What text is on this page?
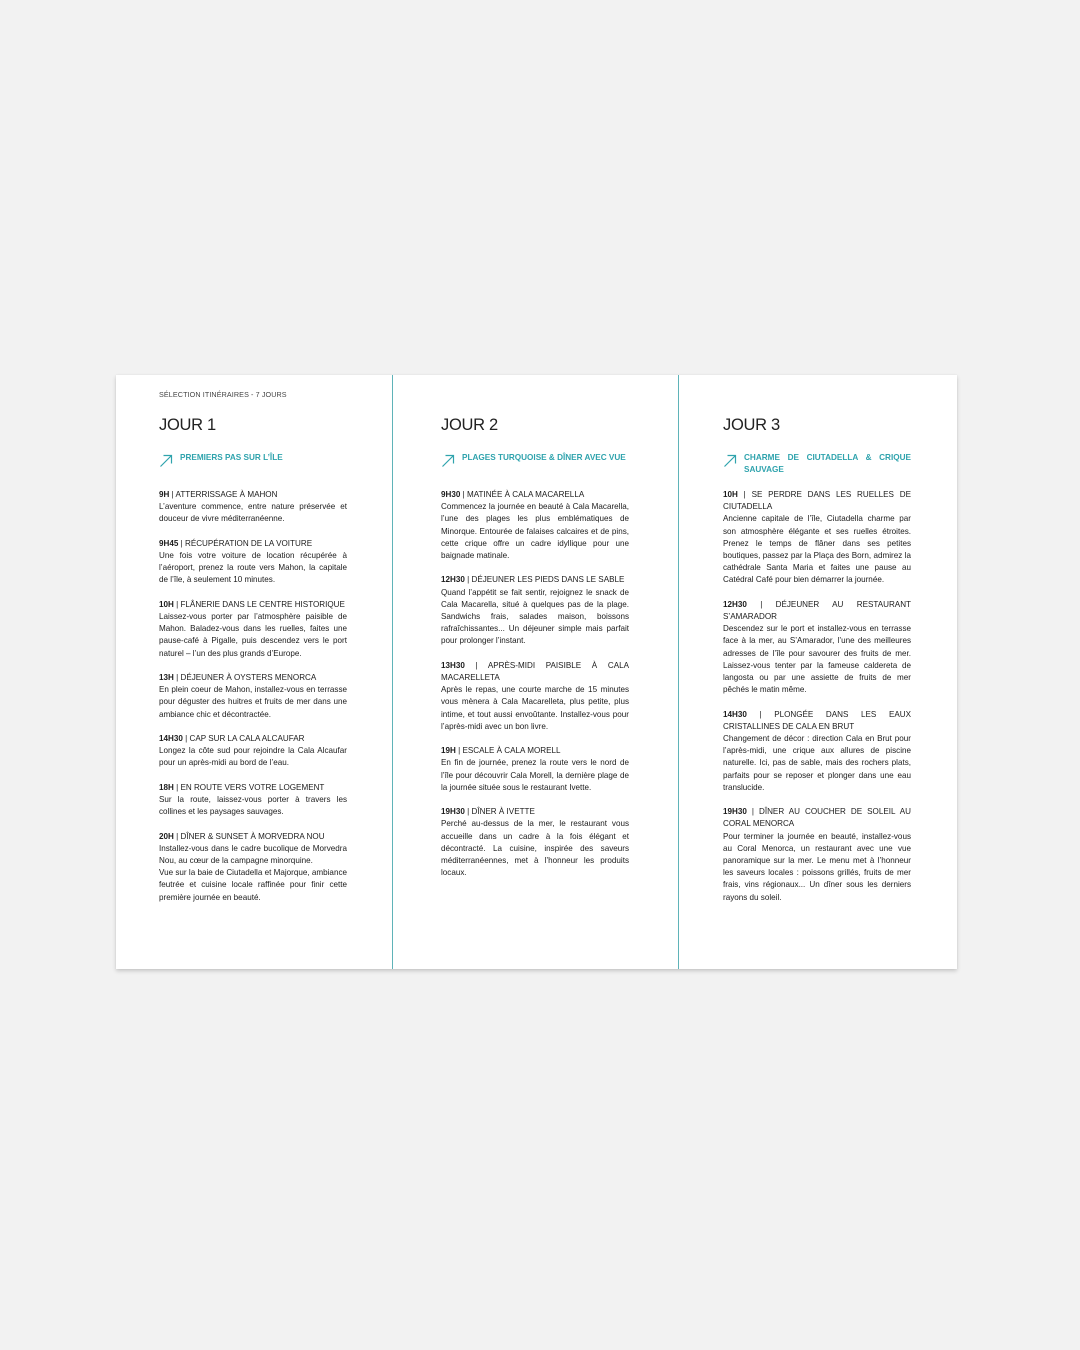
SÉLECTION ITINÉRAIRES - 7 JOURS
JOUR 1
PREMIERS PAS SUR L’ÎLE
9H | ATTERRISSAGE À MAHON
L’aventure commence, entre nature préservée et douceur de vivre méditerranéenne.
9H45 | RÉCUPÉRATION DE LA VOITURE
Une fois votre voiture de location récupérée à l’aéroport, prenez la route vers Mahon, la capitale de l’île, à seulement 10 minutes.
10H | FLÂNERIE DANS LE CENTRE HISTORIQUE
Laissez-vous porter par l’atmosphère paisible de Mahon. Baladez-vous dans les ruelles, faites une pause-café à Pigalle, puis descendez vers le port naturel – l’un des plus grands d’Europe.
13H | DÉJEUNER À OYSTERS MENORCA
En plein coeur de Mahon, installez-vous en terrasse pour déguster des huitres et fruits de mer dans une ambiance chic et décontractée.
14H30 | CAP SUR LA CALA ALCAUFAR
Longez la côte sud pour rejoindre la Cala Alcaufar pour un après-midi au bord de l’eau.
18H | EN ROUTE VERS VOTRE LOGEMENT
Sur la route, laissez-vous porter à travers les collines et les paysages sauvages.
20H | DÎNER & SUNSET À MORVEDRA NOU
Installez-vous dans le cadre bucolique de Morvedra Nou, au cœur de la campagne minorquine.
Vue sur la baie de Ciutadella et Majorque, ambiance feutrée et cuisine locale raffinée pour finir cette première journée en beauté.
JOUR 2
PLAGES TURQUOISE & DÎNER AVEC VUE
9H30 | MATINÉE À CALA MACARELLA
Commencez la journée en beauté à Cala Macarella, l’une des plages les plus emblématiques de Minorque. Entourée de falaises calcaires et de pins, cette crique offre un cadre idyllique pour une baignade matinale.
12H30 | DÉJEUNER LES PIEDS DANS LE SABLE
Quand l’appétit se fait sentir, rejoignez le snack de Cala Macarella, situé à quelques pas de la plage. Sandwichs frais, salades maison, boissons rafraîchissantes... Un déjeuner simple mais parfait pour prolonger l’instant.
13H30 | APRÈS-MIDI PAISIBLE À CALA MACARELLETA
Après le repas, une courte marche de 15 minutes vous mènera à Cala Macarelleta, plus petite, plus intime, et tout aussi envoûtante. Installez-vous pour l’après-midi avec un bon livre.
19H | ESCALE À CALA MORELL
En fin de journée, prenez la route vers le nord de l’île pour découvrir Cala Morell, la dernière plage de la journée située sous le restaurant Ivette.
19H30 | DÎNER À IVETTE
Perché au-dessus de la mer, le restaurant vous accueille dans un cadre à la fois élégant et décontracté. La cuisine, inspirée des saveurs méditerranéennes, met à l’honneur les produits locaux.
JOUR 3
CHARME DE CIUTADELLA & CRIQUE SAUVAGE
10H | SE PERDRE DANS LES RUELLES DE CIUTADELLA
Ancienne capitale de l’île, Ciutadella charme par son atmosphère élégante et ses ruelles étroites. Prenez le temps de flâner dans ses petites boutiques, passez par la Plaça des Born, admirez la cathédrale Santa Maria et faites une pause au Catédral Café pour bien démarrer la journée.
12H30 | DÉJEUNER AU RESTAURANT S’AMARADOR
Descendez sur le port et installez-vous en terrasse face à la mer, au S’Amarador, l’une des meilleures adresses de l’île pour savourer des fruits de mer. Laissez-vous tenter par la fameuse caldereta de langosta ou par une assiette de fruits de mer pêchés le matin même.
14H30 | PLONGÉE DANS LES EAUX CRISTALLINES DE CALA EN BRUT
Changement de décor : direction Cala en Brut pour l’après-midi, une crique aux allures de piscine naturelle. Ici, pas de sable, mais des rochers plats, parfaits pour se reposer et plonger dans une eau translucide.
19H30 | DÎNER AU COUCHER DE SOLEIL AU CORAL MENORCA
Pour terminer la journée en beauté, installez-vous au Coral Menorca, un restaurant avec une vue panoramique sur la mer. Le menu met à l’honneur les saveurs locales : poissons grillés, fruits de mer frais, vins régionaux... Un dîner sous les derniers rayons du soleil.
